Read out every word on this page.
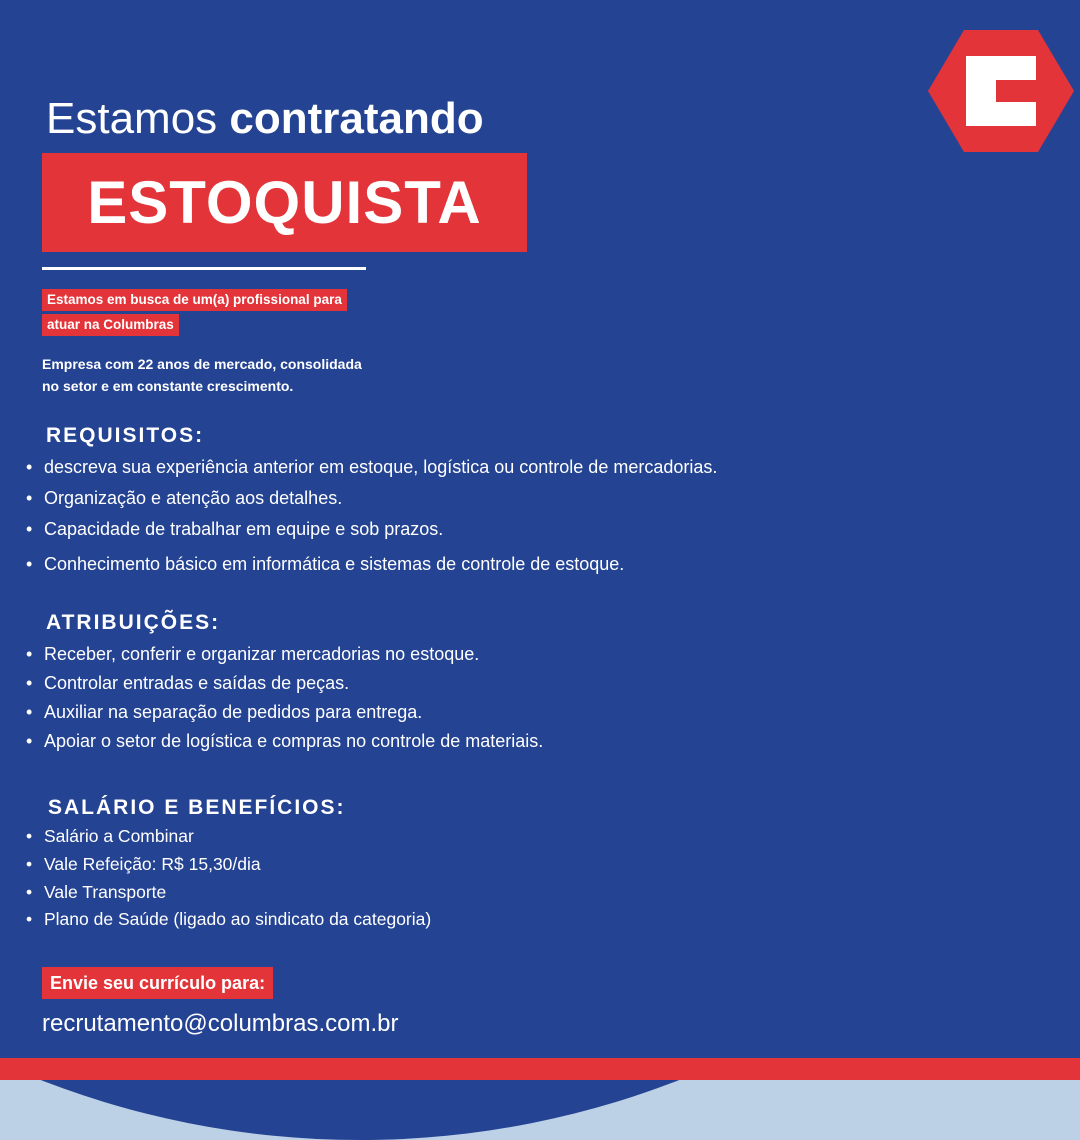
Estamos contratando
ESTOQUISTA
Estamos em busca de um(a) profissional para
atuar na Columbras
Empresa com 22 anos de mercado, consolidada
no setor e em constante crescimento.
REQUISITOS:
• descreva sua experiência anterior em estoque, logística ou controle de mercadorias.
• Organização e atenção aos detalhes.
• Capacidade de trabalhar em equipe e sob prazos.
• Conhecimento básico em informática e sistemas de controle de estoque.
ATRIBUIÇÕES:
• Receber, conferir e organizar mercadorias no estoque.
• Controlar entradas e saídas de peças.
• Auxiliar na separação de pedidos para entrega.
• Apoiar o setor de logística e compras no controle de materiais.
SALÁRIO E BENEFÍCIOS:
• Salário a Combinar
• Vale Refeição: R$ 15,30/dia
• Vale Transporte
• Plano de Saúde (ligado ao sindicato da categoria)
Envie seu currículo para:
recrutamento@columbras.com.br
